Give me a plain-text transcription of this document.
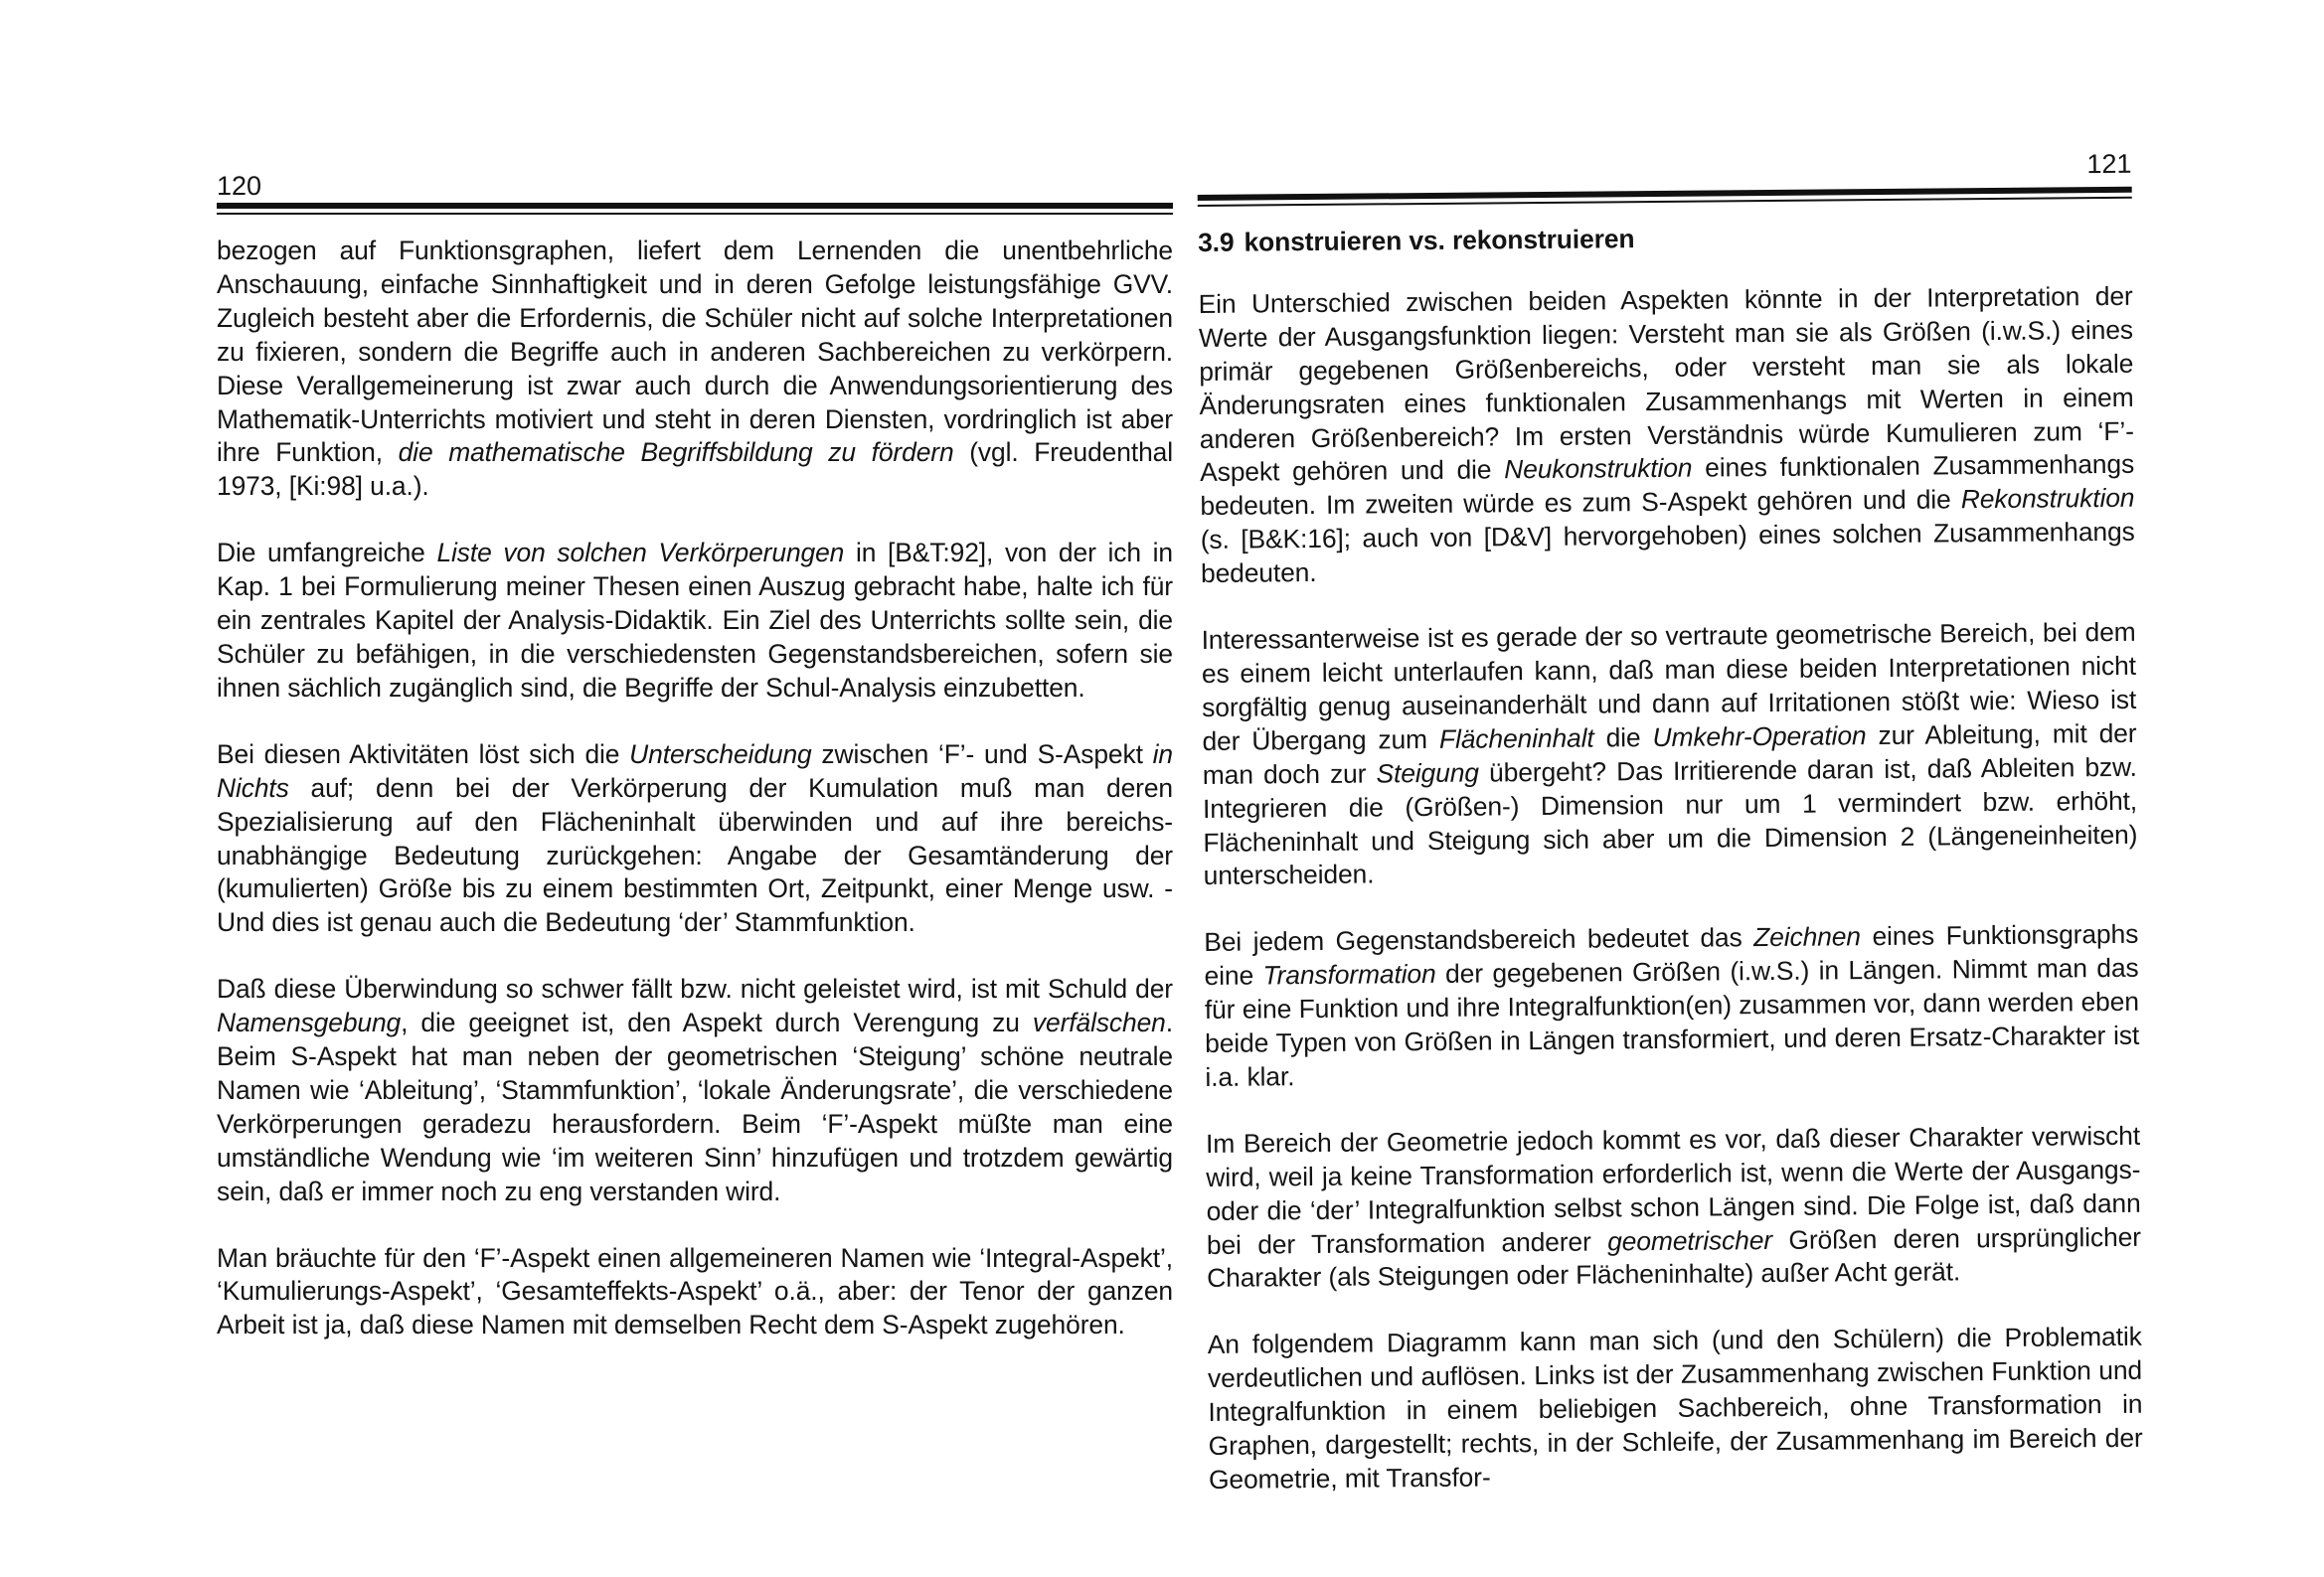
120

bezogen auf Funktionsgraphen, liefert dem Lernenden die unentbehrliche Anschauung, einfache Sinnhaftigkeit und in deren Gefolge leistungsfähige GVV. Zugleich besteht aber die Erfordernis, die Schüler nicht auf solche Interpretationen zu fixieren, sondern die Begriffe auch in anderen Sachbereichen zu verkörpern. Diese Verallgemeinerung ist zwar auch durch die Anwendungsorientierung des Mathematik-Unterrichts motiviert und steht in deren Diensten, vordringlich ist aber ihre Funktion, die mathematische Begriffsbildung zu fördern (vgl. Freudenthal 1973, [Ki:98] u.a.).

Die umfangreiche Liste von solchen Verkörperungen in [B&T:92], von der ich in Kap. 1 bei Formulierung meiner Thesen einen Auszug gebracht habe, halte ich für ein zentrales Kapitel der Analysis-Didaktik. Ein Ziel des Unterrichts sollte sein, die Schüler zu befähigen, in die verschiedensten Gegenstandsbereichen, sofern sie ihnen sächlich zugänglich sind, die Begriffe der Schul-Analysis einzubetten.

Bei diesen Aktivitäten löst sich die Unterscheidung zwischen ‘F’- und S-Aspekt in Nichts auf; denn bei der Verkörperung der Kumulation muß man deren Spezialisierung auf den Flächeninhalt überwinden und auf ihre bereichs-unabhängige Bedeutung zurückgehen: Angabe der Gesamtänderung der (kumulierten) Größe bis zu einem bestimmten Ort, Zeitpunkt, einer Menge usw. - Und dies ist genau auch die Bedeutung ‘der’ Stammfunktion.

Daß diese Überwindung so schwer fällt bzw. nicht geleistet wird, ist mit Schuld der Namensgebung, die geeignet ist, den Aspekt durch Verengung zu verfälschen. Beim S-Aspekt hat man neben der geometrischen ‘Steigung’ schöne neutrale Namen wie ‘Ableitung’, ‘Stammfunktion’, ‘lokale Änderungsrate’, die verschiedene Verkörperungen geradezu herausfordern. Beim ‘F’-Aspekt müßte man eine umständliche Wendung wie ‘im weiteren Sinn’ hinzufügen und trotzdem gewärtig sein, daß er immer noch zu eng verstanden wird.

Man bräuchte für den ‘F’-Aspekt einen allgemeineren Namen wie ‘Integral-Aspekt’, ‘Kumulierungs-Aspekt’, ‘Gesamteffekts-Aspekt’ o.ä., aber: der Tenor der ganzen Arbeit ist ja, daß diese Namen mit demselben Recht dem S-Aspekt zugehören.

121
3.9 konstruieren vs. rekonstruieren

Ein Unterschied zwischen beiden Aspekten könnte in der Interpretation der Werte der Ausgangsfunktion liegen: Versteht man sie als Größen (i.w.S.) eines primär gegebenen Größenbereichs, oder versteht man sie als lokale Änderungsraten eines funktionalen Zusammenhangs mit Werten in einem anderen Größenbereich? Im ersten Verständnis würde Kumulieren zum ‘F’-Aspekt gehören und die Neukonstruktion eines funktionalen Zusammenhangs bedeuten. Im zweiten würde es zum S-Aspekt gehören und die Rekonstruktion (s. [B&K:16]; auch von [D&V] hervorgehoben) eines solchen Zusammenhangs bedeuten.

Interessanterweise ist es gerade der so vertraute geometrische Bereich, bei dem es einem leicht unterlaufen kann, daß man diese beiden Interpretationen nicht sorgfältig genug auseinanderhält und dann auf Irritationen stößt wie: Wieso ist der Übergang zum Flächeninhalt die Umkehr-Operation zur Ableitung, mit der man doch zur Steigung übergeht? Das Irritierende daran ist, daß Ableiten bzw. Integrieren die (Größen-) Dimension nur um 1 vermindert bzw. erhöht, Flächeninhalt und Steigung sich aber um die Dimension 2 (Längeneinheiten) unterscheiden.

Bei jedem Gegenstandsbereich bedeutet das Zeichnen eines Funktionsgraphs eine Transformation der gegebenen Größen (i.w.S.) in Längen. Nimmt man das für eine Funktion und ihre Integralfunktion(en) zusammen vor, dann werden eben beide Typen von Größen in Längen transformiert, und deren Ersatz-Charakter ist i.a. klar.

Im Bereich der Geometrie jedoch kommt es vor, daß dieser Charakter verwischt wird, weil ja keine Transformation erforderlich ist, wenn die Werte der Ausgangs- oder die ‘der’ Integralfunktion selbst schon Längen sind. Die Folge ist, daß dann bei der Transformation anderer geometrischer Größen deren ursprünglicher Charakter (als Steigungen oder Flächeninhalte) außer Acht gerät.

An folgendem Diagramm kann man sich (und den Schülern) die Problematik verdeutlichen und auflösen. Links ist der Zusammenhang zwischen Funktion und Integralfunktion in einem beliebigen Sachbereich, ohne Transformation in Graphen, dargestellt; rechts, in der Schleife, der Zusammenhang im Bereich der Geometrie, mit Transfor-
